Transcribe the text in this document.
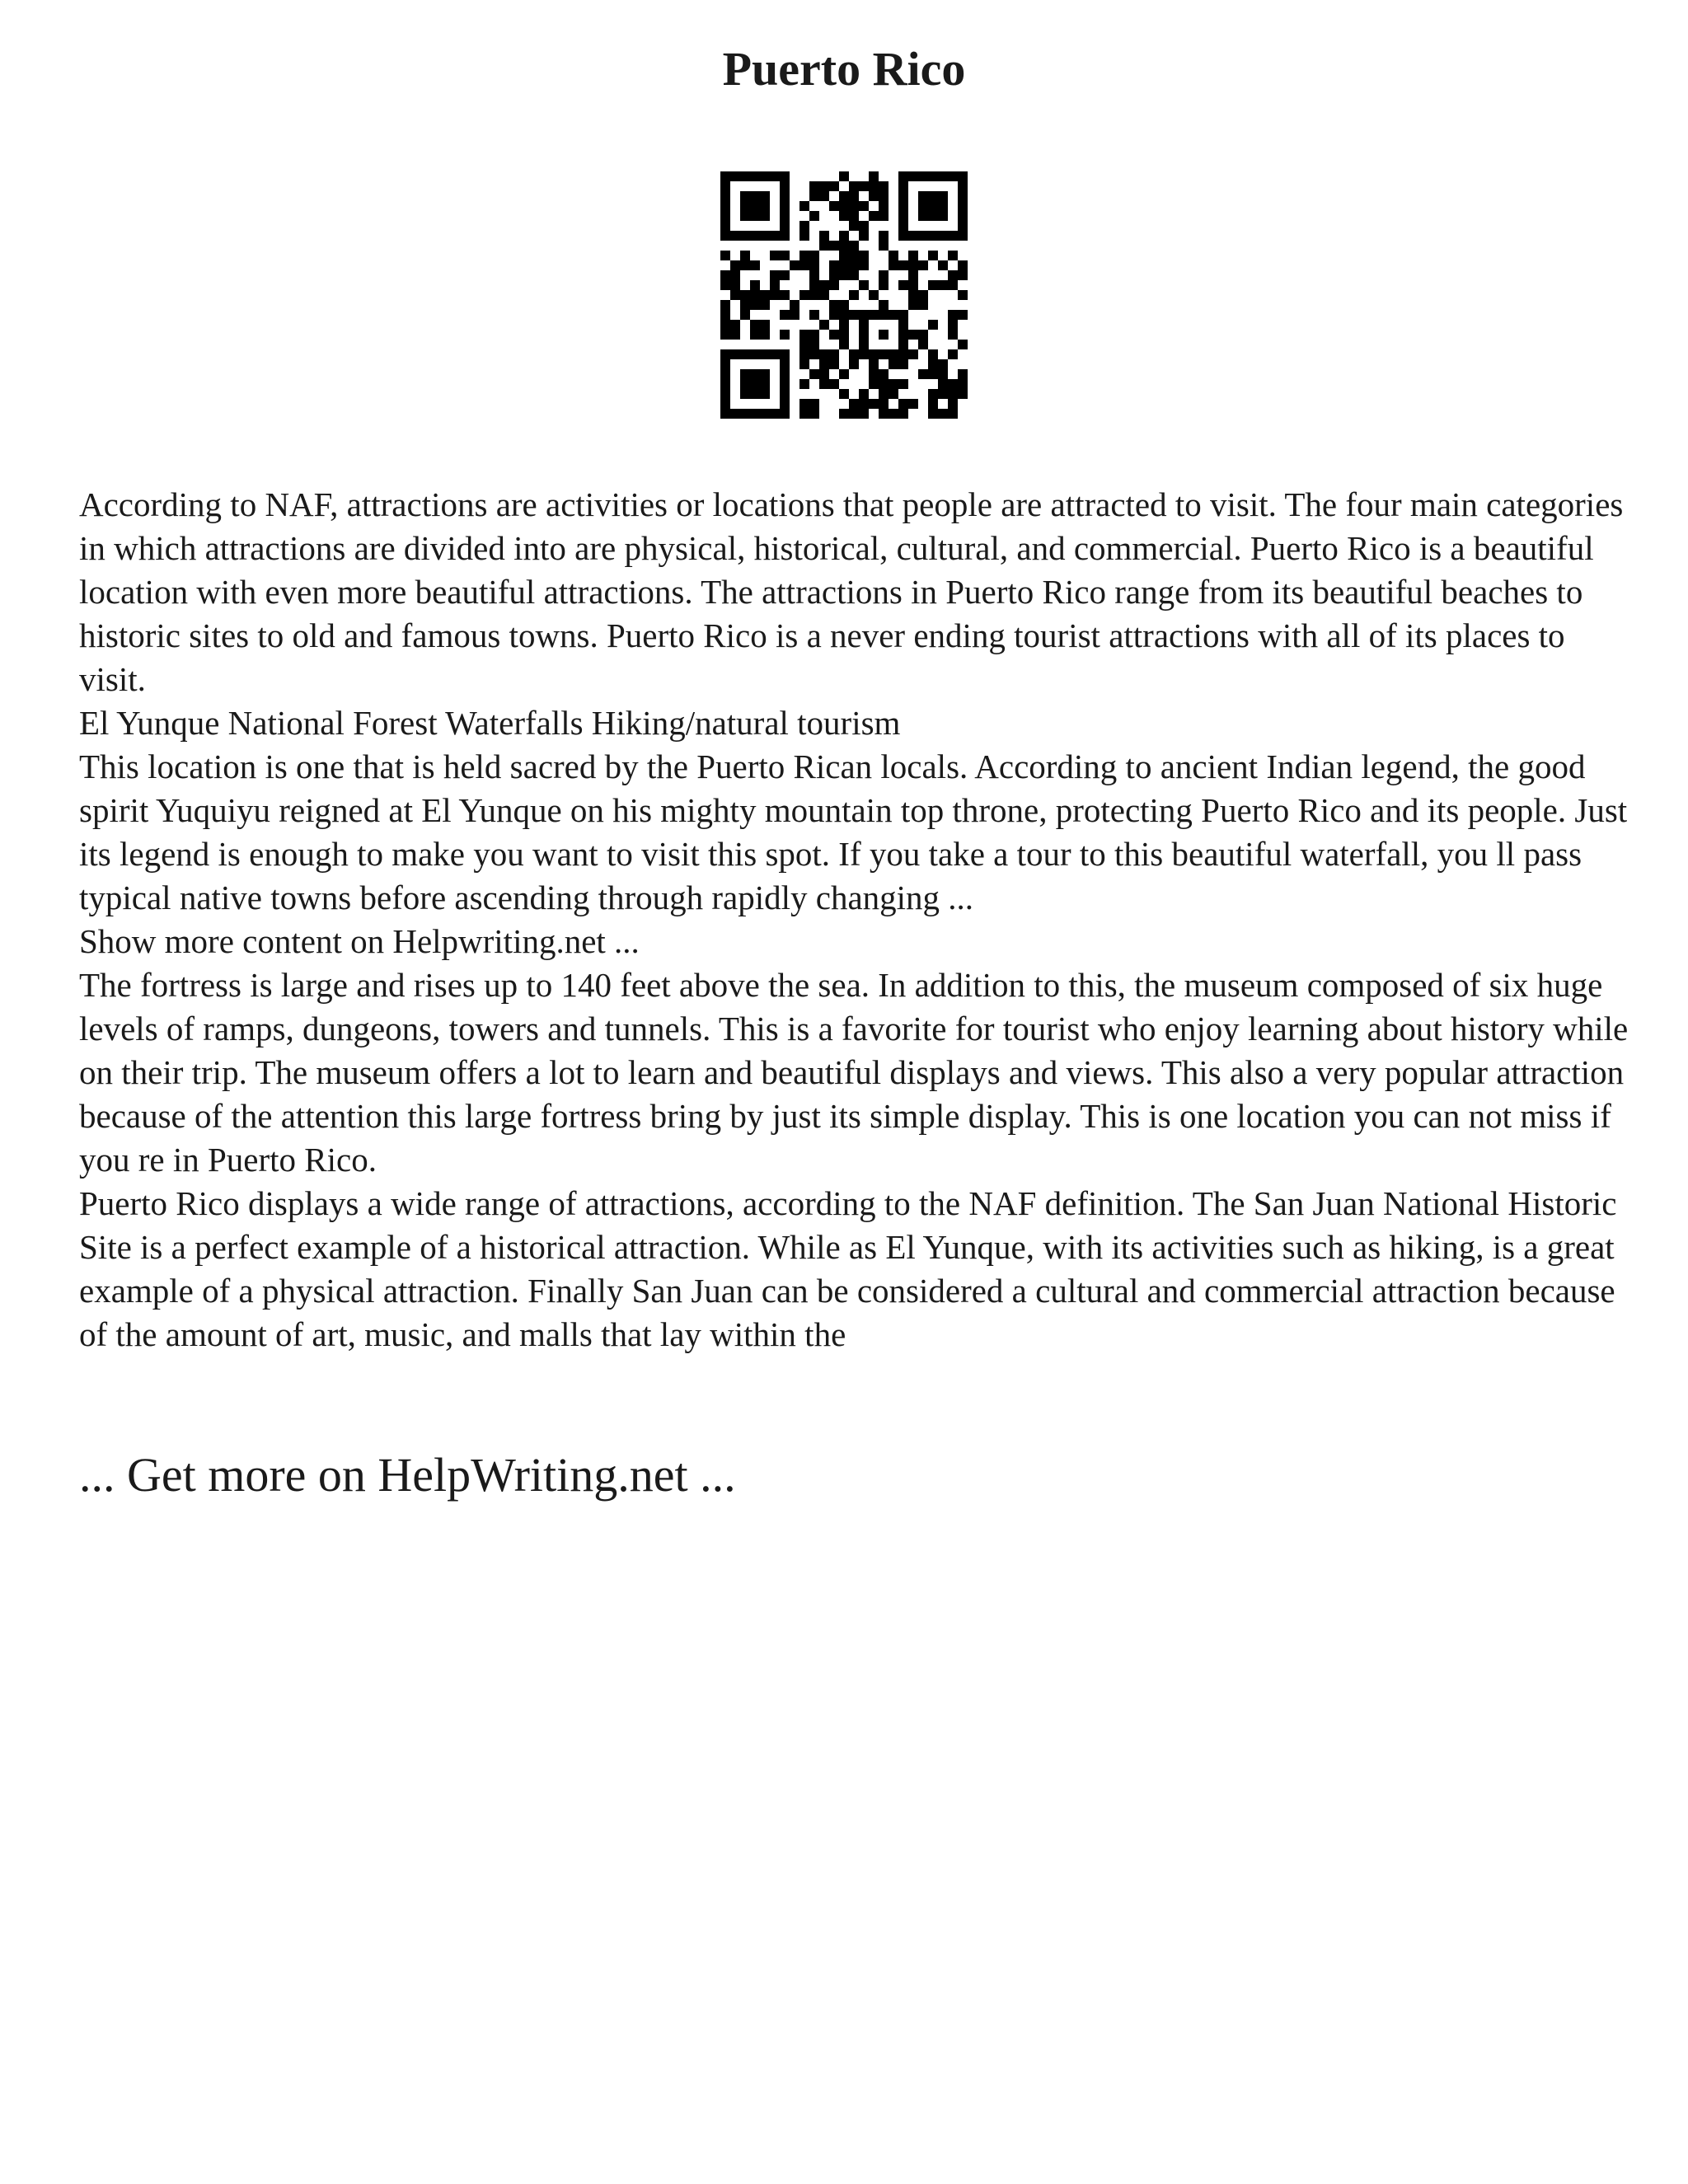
Puerto Rico

According to NAF, attractions are activities or locations that people are attracted to visit. The four main categories in which attractions are divided into are physical, historical, cultural, and commercial. Puerto Rico is a beautiful location with even more beautiful attractions. The attractions in Puerto Rico range from its beautiful beaches to historic sites to old and famous towns. Puerto Rico is a never ending tourist attractions with all of its places to visit.

El Yunque National Forest Waterfalls Hiking/natural tourism

This location is one that is held sacred by the Puerto Rican locals. According to ancient Indian legend, the good spirit Yuquiyu reigned at El Yunque on his mighty mountain top throne, protecting Puerto Rico and its people. Just its legend is enough to make you want to visit this spot. If you take a tour to this beautiful waterfall, you ll pass typical native towns before ascending through rapidly changing ...

Show more content on Helpwriting.net ...

The fortress is large and rises up to 140 feet above the sea. In addition to this, the museum composed of six huge levels of ramps, dungeons, towers and tunnels. This is a favorite for tourist who enjoy learning about history while on their trip. The museum offers a lot to learn and beautiful displays and views. This also a very popular attraction because of the attention this large fortress bring by just its simple display. This is one location you can not miss if you re in Puerto Rico.

Puerto Rico displays a wide range of attractions, according to the NAF definition. The San Juan National Historic Site is a perfect example of a historical attraction. While as El Yunque, with its activities such as hiking, is a great example of a physical attraction. Finally San Juan can be considered a cultural and commercial attraction because of the amount of art, music, and malls that lay within the

... Get more on HelpWriting.net ...
